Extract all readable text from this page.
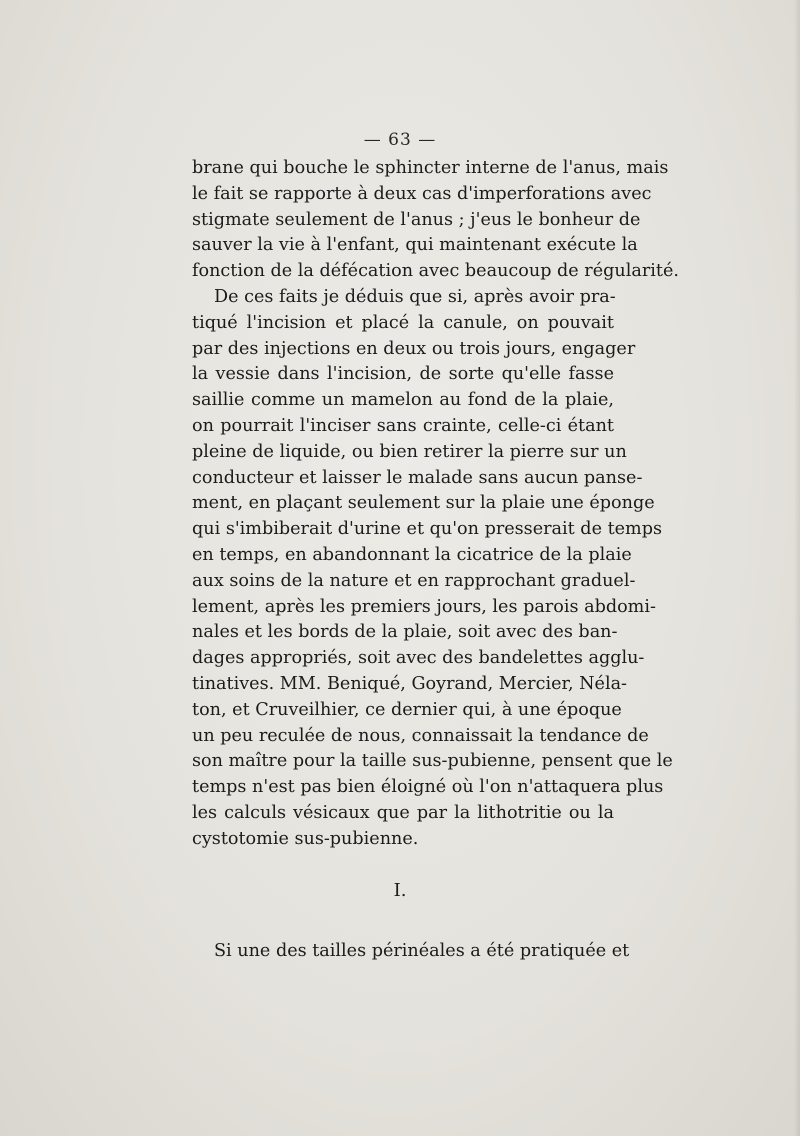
— 63 —
brane qui bouche le sphincter interne de l'anus, mais
le fait se rapporte à deux cas d'imperforations avec
stigmate seulement de l'anus ; j'eus le bonheur de
sauver la vie à l'enfant, qui maintenant exécute la
fonction de la défécation avec beaucoup de régularité.
De ces faits je déduis que si, après avoir pra-
tiqué l'incision et placé la canule, on pouvait
par des injections en deux ou trois jours, engager
la vessie dans l'incision, de sorte qu'elle fasse
saillie comme un mamelon au fond de la plaie,
on pourrait l'inciser sans crainte, celle-ci étant
pleine de liquide, ou bien retirer la pierre sur un
conducteur et laisser le malade sans aucun panse-
ment, en plaçant seulement sur la plaie une éponge
qui s'imbiberait d'urine et qu'on presserait de temps
en temps, en abandonnant la cicatrice de la plaie
aux soins de la nature et en rapprochant graduel-
lement, après les premiers jours, les parois abdomi-
nales et les bords de la plaie, soit avec des ban-
dages appropriés, soit avec des bandelettes agglu-
tinatives. MM. Beniqué, Goyrand, Mercier, Néla-
ton, et Cruveilhier, ce dernier qui, à une époque
un peu reculée de nous, connaissait la tendance de
son maître pour la taille sus-pubienne, pensent que le
temps n'est pas bien éloigné où l'on n'attaquera plus
les calculs vésicaux que par la lithotritie ou la
cystotomie sus-pubienne.
I.
Si une des tailles périnéales a été pratiquée et
